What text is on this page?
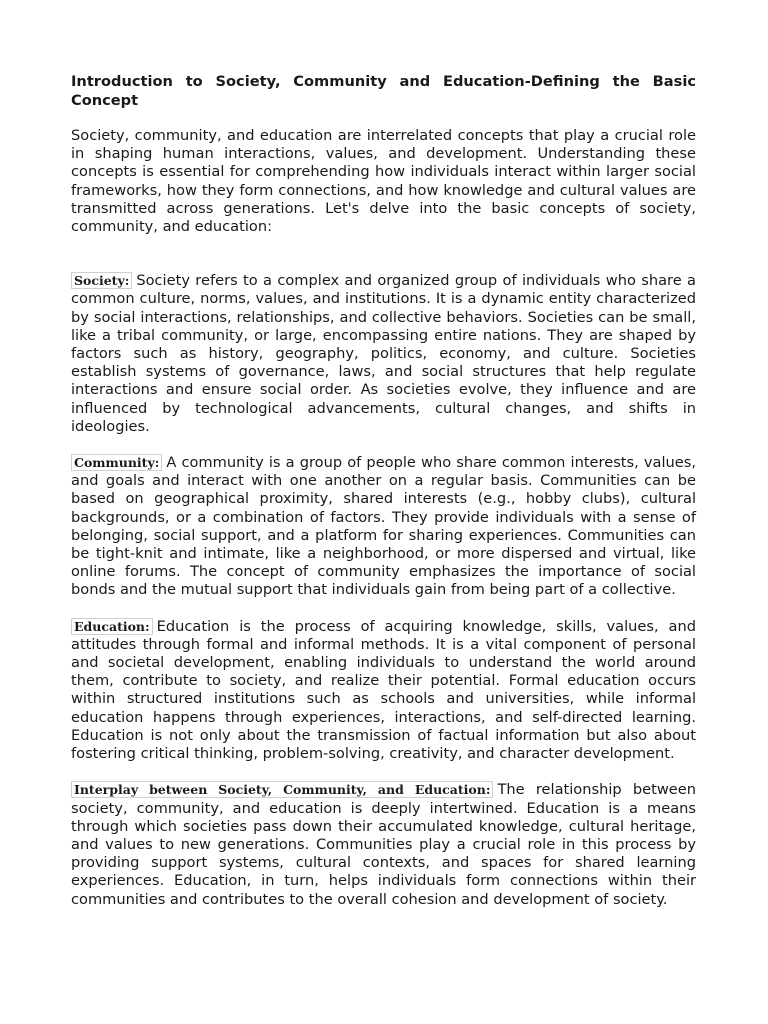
Introduction to Society, Community and Education-Defining the Basic Concept

Society, community, and education are interrelated concepts that play a crucial role in shaping human interactions, values, and development. Understanding these concepts is essential for comprehending how individuals interact within larger social frameworks, how they form connections, and how knowledge and cultural values are transmitted across generations. Let's delve into the basic concepts of society, community, and education:

Society: Society refers to a complex and organized group of individuals who share a common culture, norms, values, and institutions. It is a dynamic entity characterized by social interactions, relationships, and collective behaviors. Societies can be small, like a tribal community, or large, encompassing entire nations. They are shaped by factors such as history, geography, politics, economy, and culture. Societies establish systems of governance, laws, and social structures that help regulate interactions and ensure social order. As societies evolve, they influence and are influenced by technological advancements, cultural changes, and shifts in ideologies.

Community: A community is a group of people who share common interests, values, and goals and interact with one another on a regular basis. Communities can be based on geographical proximity, shared interests (e.g., hobby clubs), cultural backgrounds, or a combination of factors. They provide individuals with a sense of belonging, social support, and a platform for sharing experiences. Communities can be tight-knit and intimate, like a neighborhood, or more dispersed and virtual, like online forums. The concept of community emphasizes the importance of social bonds and the mutual support that individuals gain from being part of a collective.

Education: Education is the process of acquiring knowledge, skills, values, and attitudes through formal and informal methods. It is a vital component of personal and societal development, enabling individuals to understand the world around them, contribute to society, and realize their potential. Formal education occurs within structured institutions such as schools and universities, while informal education happens through experiences, interactions, and self-directed learning. Education is not only about the transmission of factual information but also about fostering critical thinking, problem-solving, creativity, and character development.

Interplay between Society, Community, and Education: The relationship between society, community, and education is deeply intertwined. Education is a means through which societies pass down their accumulated knowledge, cultural heritage, and values to new generations. Communities play a crucial role in this process by providing support systems, cultural contexts, and spaces for shared learning experiences. Education, in turn, helps individuals form connections within their communities and contributes to the overall cohesion and development of society.
